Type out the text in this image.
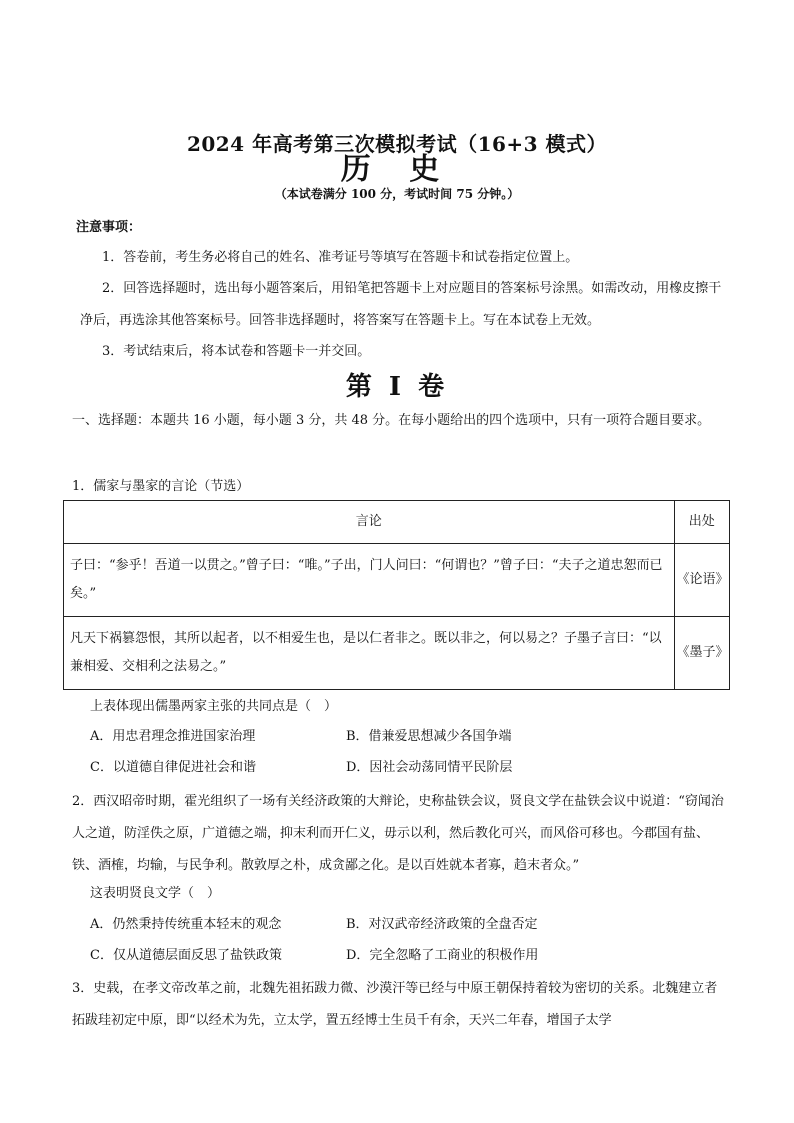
2024 年高考第三次模拟考试（16+3 模式）
历 史
（本试卷满分 100 分，考试时间 75 分钟。）
注意事项：
1．答卷前，考生务必将自己的姓名、准考证号等填写在答题卡和试卷指定位置上。
2．回答选择题时，选出每小题答案后，用铅笔把答题卡上对应题目的答案标号涂黑。如需改动，用橡皮擦干净后，再选涂其他答案标号。回答非选择题时，将答案写在答题卡上。写在本试卷上无效。
3．考试结束后，将本试卷和答题卡一并交回。
第 I 卷
一、选择题：本题共 16 小题，每小题 3 分，共 48 分。在每小题给出的四个选项中，只有一项符合题目要求。
1．儒家与墨家的言论（节选）
言论	出处
子曰：“参乎！吾道一以贯之。”曾子曰：“唯。”子出，门人问曰：“何谓也？”曾子曰：“夫子之道忠恕而已矣。”	《论语》
凡天下祸篡怨恨，其所以起者，以不相爱生也，是以仁者非之。既以非之，何以易之？子墨子言曰：“以兼相爱、交相利之法易之。”	《墨子》
上表体现出儒墨两家主张的共同点是（　）
A．用忠君理念推进国家治理	B．借兼爱思想减少各国争端
C．以道德自律促进社会和谐	D．因社会动荡同情平民阶层
2．西汉昭帝时期，霍光组织了一场有关经济政策的大辩论，史称盐铁会议，贤良文学在盐铁会议中说道：“窃闻治人之道，防淫佚之原，广道德之端，抑末利而开仁义，毋示以利，然后教化可兴，而风俗可移也。今郡国有盐、铁、酒榷，均输，与民争利。散敦厚之朴，成贪鄙之化。是以百姓就本者寡，趋末者众。”
这表明贤良文学（　）
A．仍然秉持传统重本轻末的观念	B．对汉武帝经济政策的全盘否定
C．仅从道德层面反思了盐铁政策	D．完全忽略了工商业的积极作用
3．史载，在孝文帝改革之前，北魏先祖拓跋力微、沙漠汗等已经与中原王朝保持着较为密切的关系。北魏建立者拓跋珪初定中原，即“以经术为先，立太学，置五经博士生员千有余，天兴二年春，增国子太学
